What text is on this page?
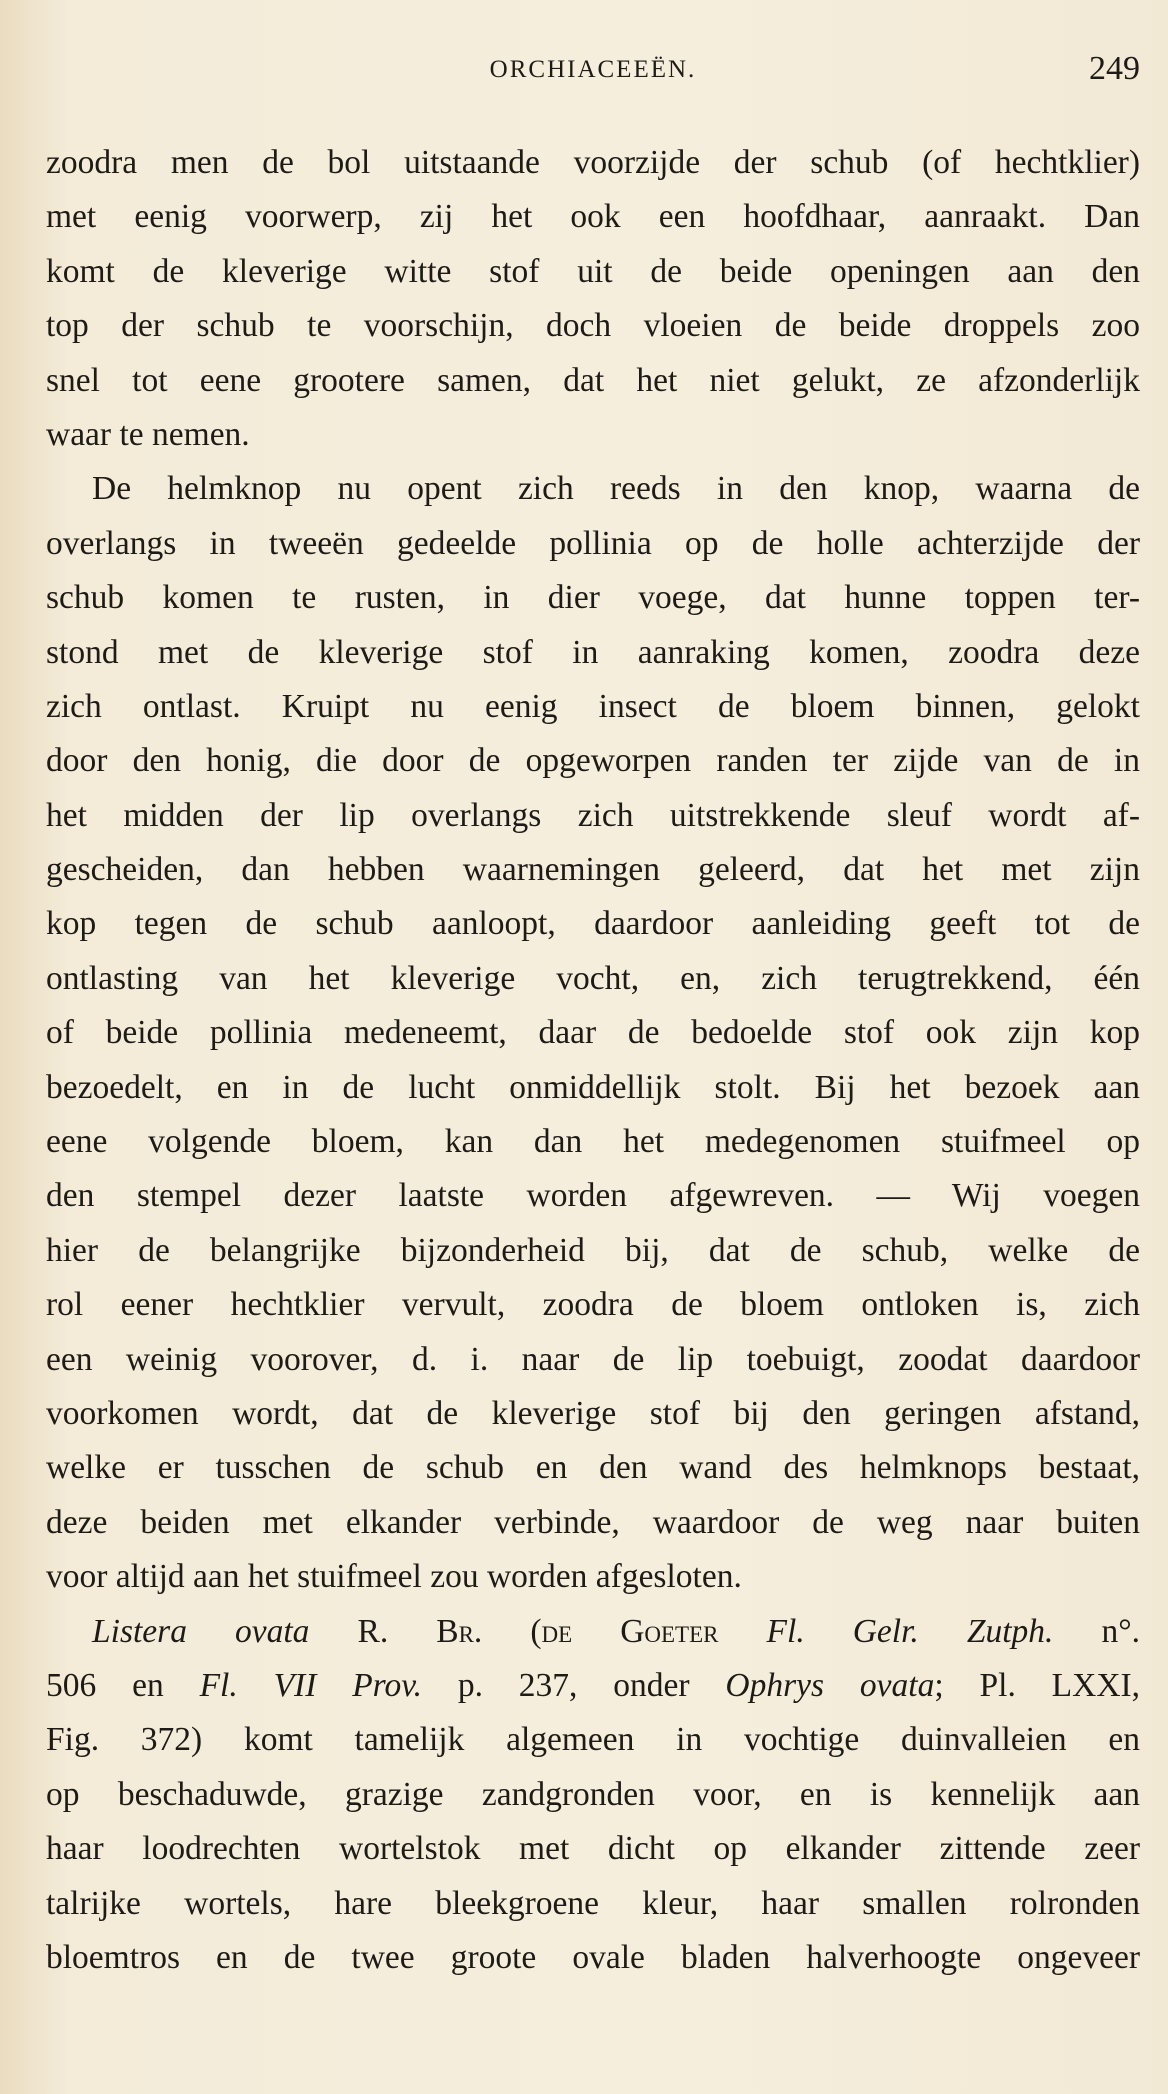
ORCHIACEEËN.	249
zoodra men de bol uitstaande voorzijde der schub (of hechtklier)
met eenig voorwerp, zij het ook een hoofdhaar, aanraakt. Dan
komt de kleverige witte stof uit de beide openingen aan den
top der schub te voorschijn, doch vloeien de beide droppels zoo
snel tot eene grootere samen, dat het niet gelukt, ze afzonderlijk
waar te nemen.
De helmknop nu opent zich reeds in den knop, waarna de
overlangs in tweeën gedeelde pollinia op de holle achterzijde der
schub komen te rusten, in dier voege, dat hunne toppen ter-
stond met de kleverige stof in aanraking komen, zoodra deze
zich ontlast. Kruipt nu eenig insect de bloem binnen, gelokt
door den honig, die door de opgeworpen randen ter zijde van de in
het midden der lip overlangs zich uitstrekkende sleuf wordt af-
gescheiden, dan hebben waarnemingen geleerd, dat het met zijn
kop tegen de schub aanloopt, daardoor aanleiding geeft tot de
ontlasting van het kleverige vocht, en, zich terugtrekkend, één
of beide pollinia medeneemt, daar de bedoelde stof ook zijn kop
bezoedelt, en in de lucht onmiddellijk stolt. Bij het bezoek aan
eene volgende bloem, kan dan het medegenomen stuifmeel op
den stempel dezer laatste worden afgewreven. — Wij voegen
hier de belangrijke bijzonderheid bij, dat de schub, welke de
rol eener hechtklier vervult, zoodra de bloem ontloken is, zich
een weinig voorover, d. i. naar de lip toebuigt, zoodat daardoor
voorkomen wordt, dat de kleverige stof bij den geringen afstand,
welke er tusschen de schub en den wand des helmknops bestaat,
deze beiden met elkander verbinde, waardoor de weg naar buiten
voor altijd aan het stuifmeel zou worden afgesloten.
Listera ovata R. Br. (de Goeter Fl. Gelr. Zutph. n°.
506 en Fl. VII Prov. p. 237, onder Ophrys ovata; Pl. LXXI,
Fig. 372) komt tamelijk algemeen in vochtige duinvalleien en
op beschaduwde, grazige zandgronden voor, en is kennelijk aan
haar loodrechten wortelstok met dicht op elkander zittende zeer
talrijke wortels, hare bleekgroene kleur, haar smallen rolronden
bloemtros en de twee groote ovale bladen halverhoogte ongeveer
